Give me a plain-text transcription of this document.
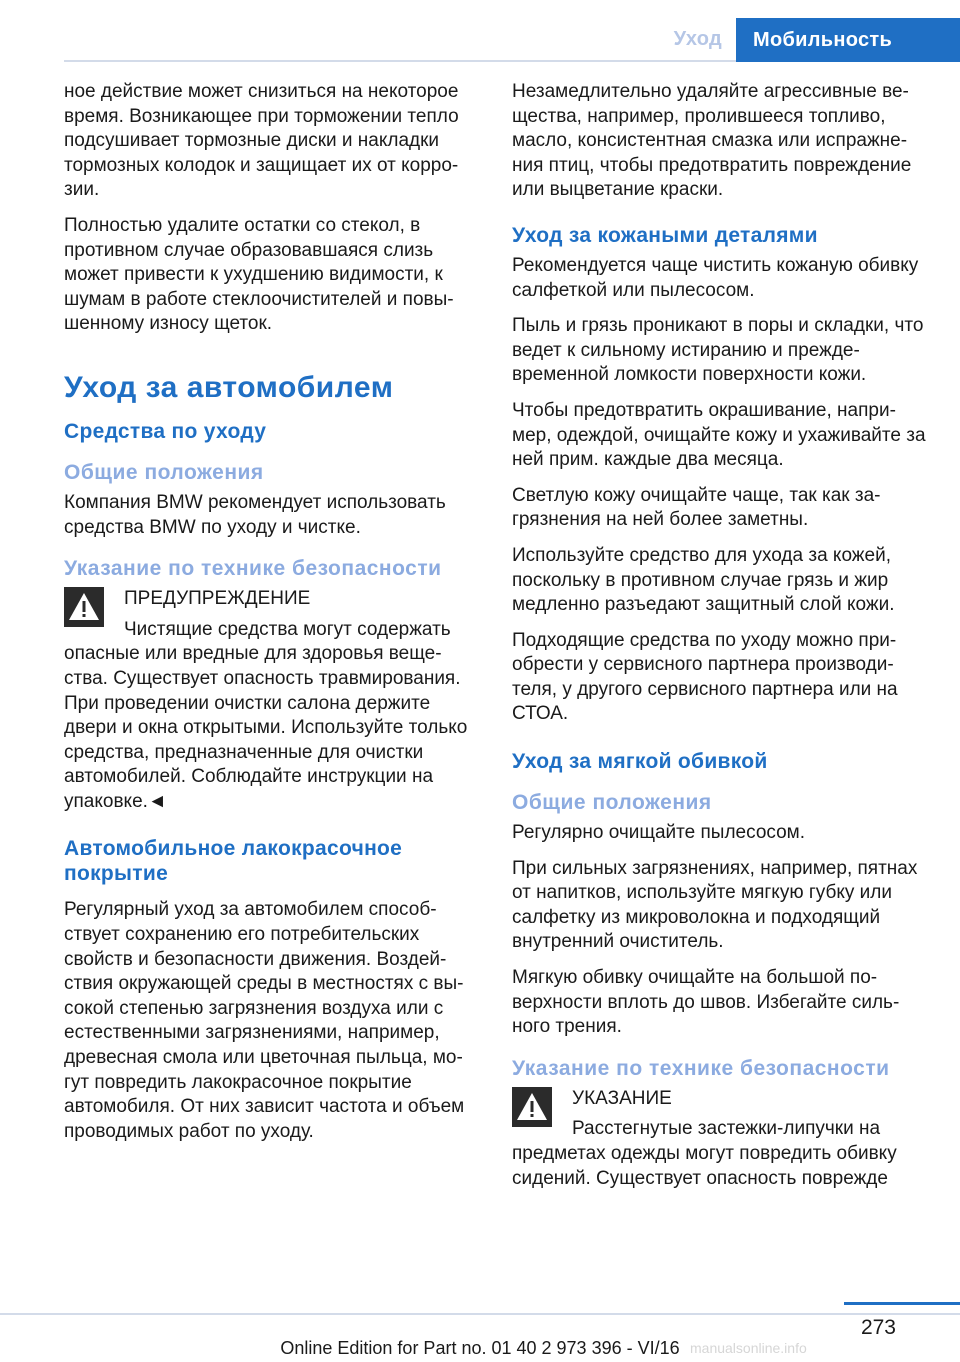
Уход	Мобильность

ное действие может снизиться на некоторое время. Возникающее при торможении тепло подсушивает тормозные диски и накладки тормозных колодок и защищает их от коррозии.

Полностью удалите остатки со стекол, в противном случае образовавшаяся слизь может привести к ухудшению видимости, к шумам в работе стеклоочистителей и повышенному износу щеток.

Уход за автомобилем
Средства по уходу
Общие положения

Компания BMW рекомендует использовать средства BMW по уходу и чистке.

Указание по технике безопасности
ПРЕДУПРЕЖДЕНИЕ

Чистящие средства могут содержать опасные или вредные для здоровья вещества. Существует опасность травмирования. При проведении очистки салона держите двери и окна открытыми. Используйте только средства, предназначенные для очистки автомобилей. Соблюдайте инструкции на упаковке.◄

Автомобильное лакокрасочное покрытие

Регулярный уход за автомобилем способствует сохранению его потребительских свойств и безопасности движения. Воздействия окружающей среды в местностях с высокой степенью загрязнения воздуха или с естественными загрязнениями, например, древесная смола или цветочная пыльца, могут повредить лакокрасочное покрытие автомобиля. От них зависит частота и объем проводимых работ по уходу.

Незамедлительно удаляйте агрессивные вещества, например, пролившееся топливо, масло, консистентная смазка или испражнения птиц, чтобы предотвратить повреждение или выцветание краски.

Уход за кожаными деталями

Рекомендуется чаще чистить кожаную обивку салфеткой или пылесосом.

Пыль и грязь проникают в поры и складки, что ведет к сильному истиранию и преждевременной ломкости поверхности кожи.

Чтобы предотвратить окрашивание, например, одеждой, очищайте кожу и ухаживайте за ней прим. каждые два месяца.

Светлую кожу очищайте чаще, так как загрязнения на ней более заметны.

Используйте средство для ухода за кожей, поскольку в противном случае грязь и жир медленно разъедают защитный слой кожи.

Подходящие средства по уходу можно приобрести у сервисного партнера производителя, у другого сервисного партнера или на СТОА.

Уход за мягкой обивкой
Общие положения

Регулярно очищайте пылесосом.

При сильных загрязнениях, например, пятнах от напитков, используйте мягкую губку или салфетку из микроволокна и подходящий внутренний очиститель.

Мягкую обивку очищайте на большой поверхности вплоть до швов. Избегайте сильного трения.

Указание по технике безопасности
УКАЗАНИЕ

Расстегнутые застежки-липучки на предметах одежды могут повредить обивку сидений. Существует опасность поврежде

273
Online Edition for Part no. 01 40 2 973 396 - VI/16 manualsonline.info
